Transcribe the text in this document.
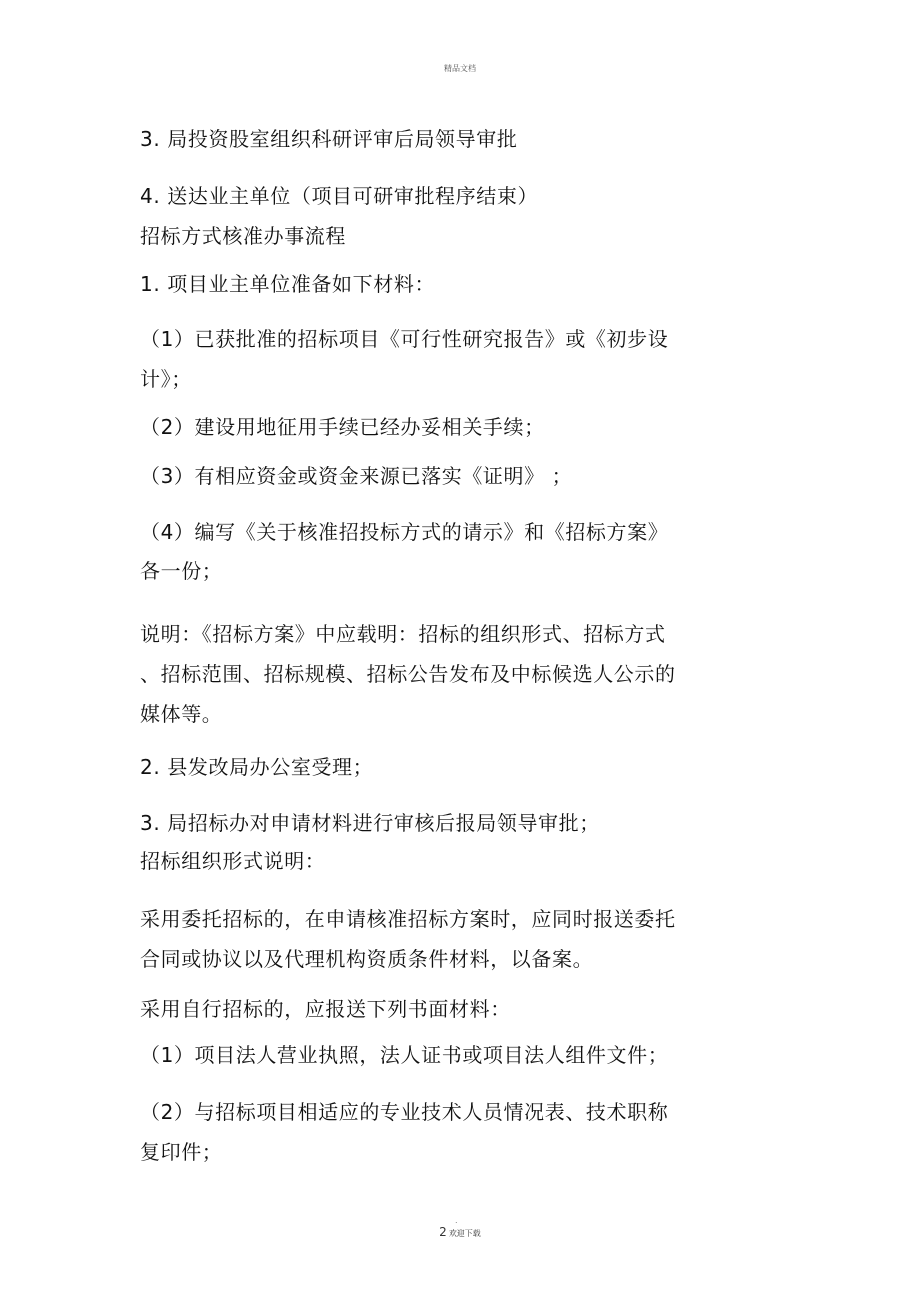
精品文档
3. 局投资股室组织科研评审后局领导审批
4. 送达业主单位（项目可研审批程序结束）
招标方式核准办事流程
1. 项目业主单位准备如下材料：
（1）已获批准的招标项目《可行性研究报告》或《初步设
计》；
（2）建设用地征用手续已经办妥相关手续；
（3）有相应资金或资金来源已落实《证明》 ；
（4）编写《关于核准招投标方式的请示》和《招标方案》
各一份；
说明：《招标方案》中应载明：招标的组织形式、招标方式
、招标范围、招标规模、招标公告发布及中标候选人公示的
媒体等。
2. 县发改局办公室受理；
3. 局招标办对申请材料进行审核后报局领导审批；
招标组织形式说明：
采用委托招标的，在申请核准招标方案时，应同时报送委托
合同或协议以及代理机构资质条件材料，以备案。
采用自行招标的，应报送下列书面材料：
（1）项目法人营业执照，法人证书或项目法人组件文件；
（2）与招标项目相适应的专业技术人员情况表、技术职称
复印件；
.
2 欢迎下载
